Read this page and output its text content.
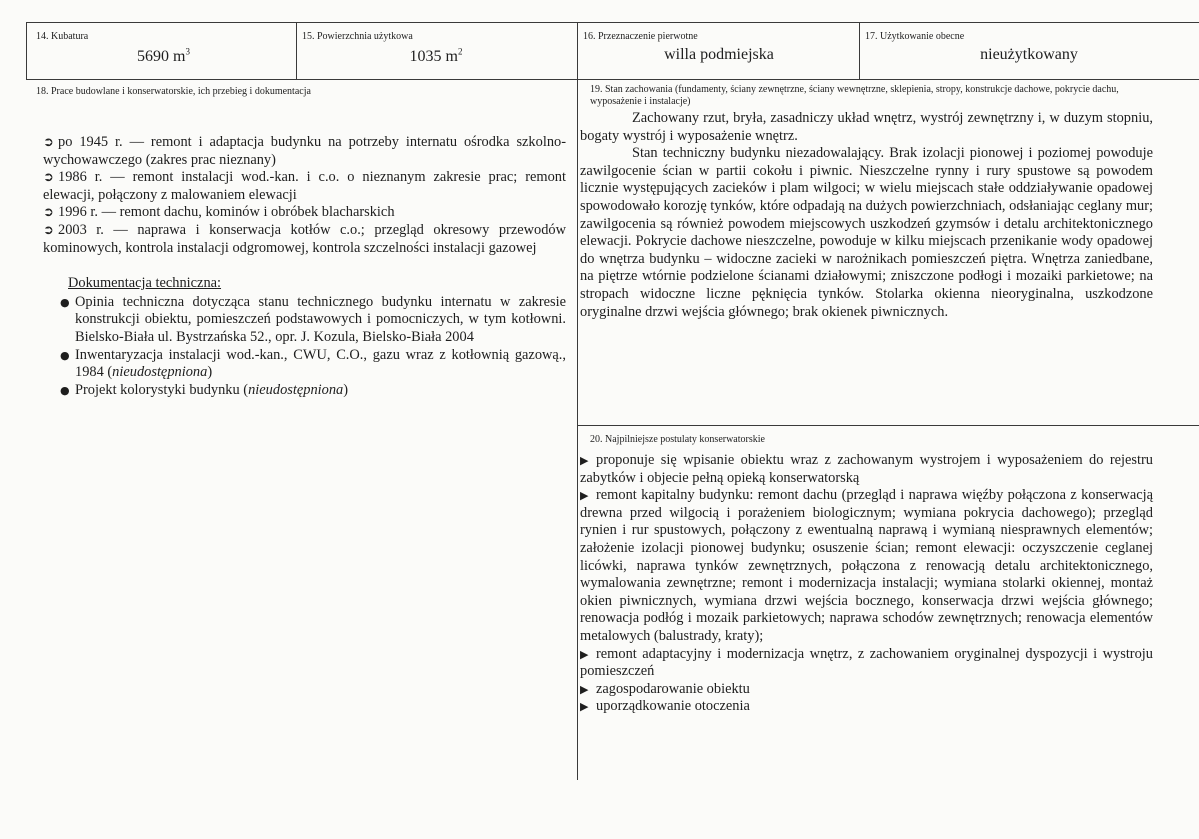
14. Kubatura
5690 $m^3$
15. Powierzchnia użytkowa
1035 $m^2$
16. Przeznaczenie pierwotne
willa podmiejska
17. Użytkowanie obecne
nieużytkowany
18. Prace budowlane i konserwatorskie, ich przebieg i dokumentacja

➲ po 1945 r. — remont i adaptacja budynku na potrzeby internatu ośrodka szkolno-wychowawczego (zakres prac nieznany)

➲ 1986 r. — remont instalacji wod.-kan. i c.o. o nieznanym zakresie prac; remont elewacji, połączony z malowaniem elewacji

➲ 1996 r. — remont dachu, kominów i obróbek blacharskich

➲ 2003 r. — naprawa i konserwacja kotłów c.o.; przegląd okresowy przewodów kominowych, kontrola instalacji odgromowej, kontrola szczelności instalacji gazowej

Dokumentacja techniczna:

● Opinia techniczna dotycząca stanu technicznego budynku internatu w zakresie konstrukcji obiektu, pomieszczeń podstawowych i pomocniczych, w tym kotłowni. Bielsko-Biała ul. Bystrzańska 52., opr. J. Kozula, Bielsko-Biała 2004
● Inwentaryzacja instalacji wod.-kan., CWU, C.O., gazu wraz z kotłownią gazową., 1984 (nieudostępniona)
● Projekt kolorystyki budynku (nieudostępniona)
19. Stan zachowania (fundamenty, ściany zewnętrzne, ściany wewnętrzne, sklepienia, stropy, konstrukcje dachowe, pokrycie dachu, wyposażenie i instalacje)

Zachowany rzut, bryła, zasadniczy układ wnętrz, wystrój zewnętrzny i, w duzym stopniu, bogaty wystrój i wyposażenie wnętrz.

Stan techniczny budynku niezadowalający. Brak izolacji pionowej i poziomej powoduje zawilgocenie ścian w partii cokołu i piwnic. Nieszczelne rynny i rury spustowe są powodem licznie występujących zacieków i plam wilgoci; w wielu miejscach stałe oddziaływanie opadowej spowodowało korozję tynków, które odpadają na dużych powierzchniach, odsłaniając ceglany mur; zawilgocenia są również powodem miejscowych uszkodzeń gzymsów i detalu architektonicznego elewacji. Pokrycie dachowe nieszczelne, powoduje w kilku miejscach przenikanie wody opadowej do wnętrza budynku – widoczne zacieki w narożnikach pomieszczeń piętra. Wnętrza zaniedbane, na piętrze wtórnie podzielone ścianami działowymi; zniszczone podłogi i mozaiki parkietowe; na stropach widoczne liczne pęknięcia tynków. Stolarka okienna nieoryginalna, uszkodzone oryginalne drzwi wejścia głównego; brak okienek piwnicznych.

20. Najpilniejsze postulaty konserwatorskie

▶ proponuje się wpisanie obiektu wraz z zachowanym wystrojem i wyposażeniem do rejestru zabytków i objecie pełną opieką konserwatorską

▶ remont kapitalny budynku: remont dachu (przegląd i naprawa więźby połączona z konserwacją drewna przed wilgocią i porażeniem biologicznym; wymiana pokrycia dachowego); przegląd rynien i rur spustowych, połączony z ewentualną naprawą i wymianą niesprawnych elementów; założenie izolacji pionowej budynku; osuszenie ścian; remont elewacji: oczyszczenie ceglanej licówki, naprawa tynków zewnętrznych, połączona z renowacją detalu architektonicznego, wymalowania zewnętrzne; remont i modernizacja instalacji; wymiana stolarki okiennej, montaż okien piwnicznych, wymiana drzwi wejścia bocznego, konserwacja drzwi wejścia głównego; renowacja podłóg i mozaik parkietowych; naprawa schodów zewnętrznych; renowacja elementów metalowych (balustrady, kraty);

▶ remont adaptacyjny i modernizacja wnętrz, z zachowaniem oryginalnej dyspozycji i wystroju pomieszczeń

▶ zagospodarowanie obiektu

▶ uporządkowanie otoczenia
